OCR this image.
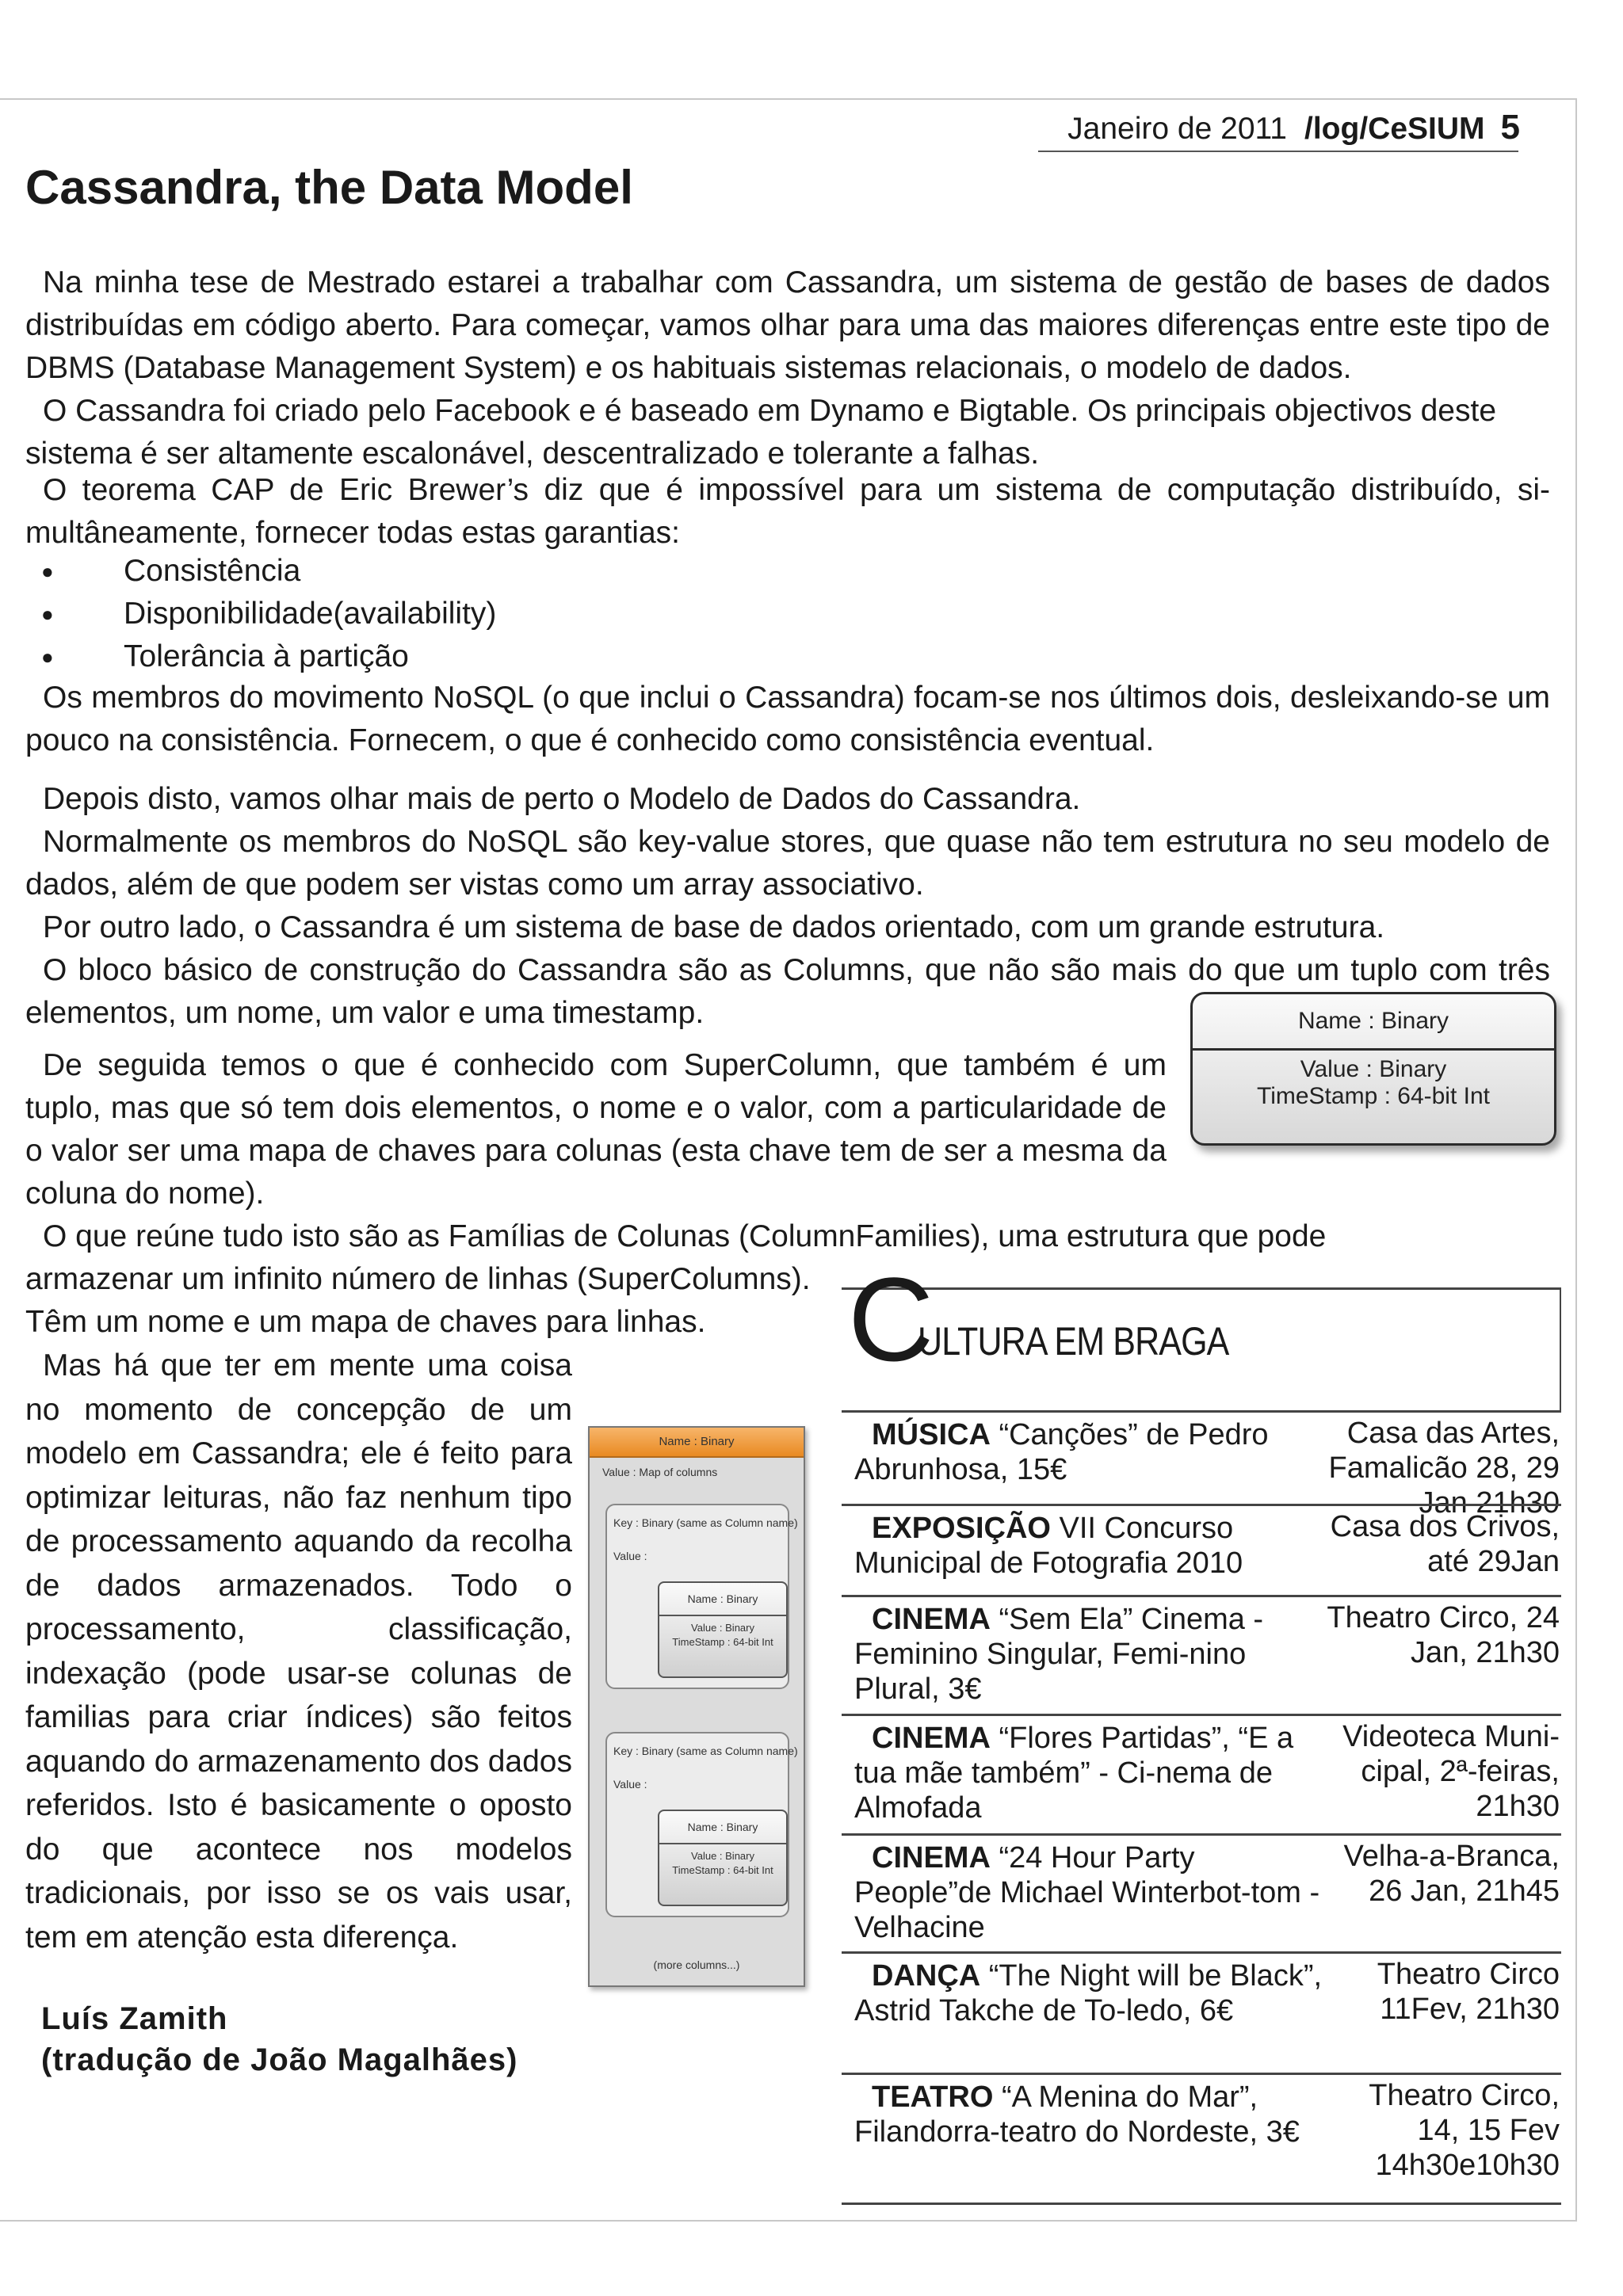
Janeiro de 2011 /log/CeSIUM 5
Cassandra, the Data Model

Na minha tese de Mestrado estarei a trabalhar com Cassandra, um sistema de gestão de bases de dados distribuídas em código aberto. Para começar, vamos olhar para uma das maiores diferenças entre este tipo de DBMS (Database Management System) e os habituais sistemas relacionais, o modelo de dados.

O Cassandra foi criado pelo Facebook e é baseado em Dynamo e Bigtable. Os principais objectivos deste sistema é ser altamente escalonável, descentralizado e tolerante a falhas.

O teorema CAP de Eric Brewer’s diz que é impossível para um sistema de computação distribuído, si-multâneamente, fornecer todas estas garantias:

● Consistência
● Disponibilidade(availability)
● Tolerância à partição

Os membros do movimento NoSQL (o que inclui o Cassandra) focam-se nos últimos dois, desleixando-se um pouco na consistência. Fornecem, o que é conhecido como consistência eventual.

Depois disto, vamos olhar mais de perto o Modelo de Dados do Cassandra.

Normalmente os membros do NoSQL são key-value stores, que quase não tem estrutura no seu modelo de dados, além de que podem ser vistas como um array associativo.

Por outro lado, o Cassandra é um sistema de base de dados orientado, com um grande estrutura.

O bloco básico de construção do Cassandra são as Columns, que não são mais do que um tuplo com três elementos, um nome, um valor e uma timestamp.	Name : Binary
Value : Binary
TimeStamp : 64-bit Int

De seguida temos o que é conhecido com SuperColumn, que também é um tuplo, mas que só tem dois elementos, o nome e o valor, com a particularidade de o valor ser uma mapa de chaves para colunas (esta chave tem de ser a mesma da coluna do nome).

O que reúne tudo isto são as Famílias de Colunas (ColumnFamilies), uma estrutura que pode armazenar um infinito número de linhas (SuperColumns).

Têm um nome e um mapa de chaves para linhas.

Mas há que ter em mente uma coisa no momento de concepção de um modelo em Cassandra; ele é feito para optimizar leituras, não faz nenhum tipo de processamento aquando da recolha de dados armazenados. Todo o processamento, classificação, indexação (pode usar-se colunas de familias para criar índices) são feitos aquando do armazenamento dos dados referidos. Isto é basicamente o oposto do que acontece nos modelos tradicionais, por isso se os vais usar, tem em atenção esta diferença.

Name : Binary
Value : Map of columns
Key : Binary (same as Column name)
Value :
Name : Binary
Value : Binary
TimeStamp : 64-bit Int
Key : Binary (same as Column name)
Value :
Name : Binary
Value : Binary
TimeStamp : 64-bit Int
(more columns...)
Luís Zamith
(tradução de João Magalhães)
C
ULTURA EM BRAGA
MÚSICA “Canções” de Pedro Abrunhosa, 15€
Casa das Artes, Famalicão 28, 29 Jan 21h30
EXPOSIÇÃO VII Concurso Municipal de Fotografia 2010
Casa dos Crivos, até 29Jan
CINEMA “Sem Ela” Cinema - Feminino Singular, Femi-nino Plural, 3€
Theatro Circo, 24 Jan, 21h30
CINEMA “Flores Partidas”, “E a tua mãe também” - Ci-nema de Almofada
Videoteca Muni-cipal, 2ª-feiras, 21h30
CINEMA “24 Hour Party People”de Michael Winterbot-tom - Velhacine
Velha-a-Branca, 26 Jan, 21h45
DANÇA “The Night will be Black”, Astrid Takche de To-ledo, 6€
Theatro Circo 11Fev, 21h30
TEATRO “A Menina do Mar”, Filandorra-teatro do Nordeste, 3€
Theatro Circo, 14, 15 Fev 14h30e10h30
